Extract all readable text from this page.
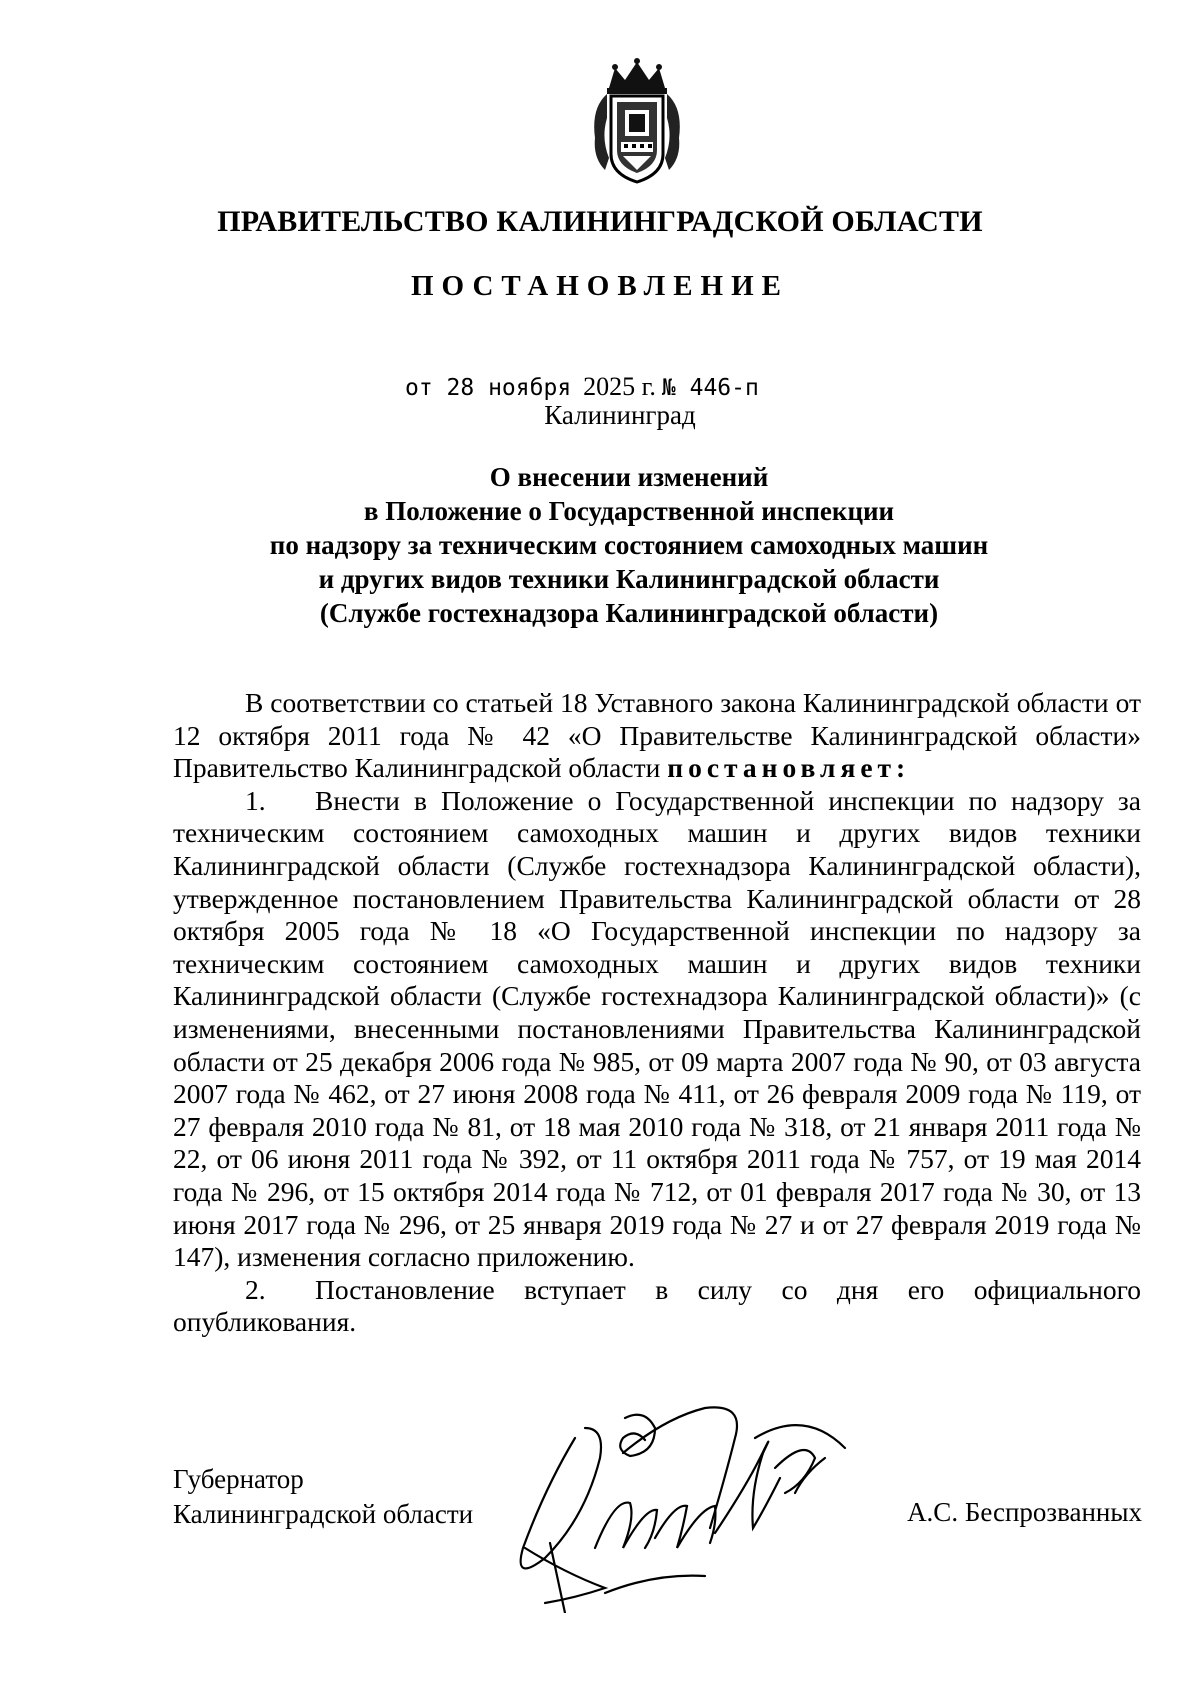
ПРАВИТЕЛЬСТВО КАЛИНИНГРАДСКОЙ ОБЛАСТИ
ПОСТАНОВЛЕНИЕ
от 28 ноября 2025 г. № 446-п
Калининград
О внесении изменений
в Положение о Государственной инспекции
по надзору за техническим состоянием самоходных машин
и других видов техники Калининградской области
(Службе гостехнадзора Калининградской области)

В соответствии со статьей 18 Уставного закона Калининградской области от 12 октября 2011 года № 42 «О Правительстве Калининградской области» Правительство Калининградской области постановляет:

1. Внести в Положение о Государственной инспекции по надзору за техническим состоянием самоходных машин и других видов техники Калининградской области (Службе гостехнадзора Калининградской области), утвержденное постановлением Правительства Калининградской области от 28 октября 2005 года № 18 «О Государственной инспекции по надзору за техническим состоянием самоходных машин и других видов техники Калининградской области (Службе гостехнадзора Калининградской области)» (с изменениями, внесенными постановлениями Правительства Калининградской области от 25 декабря 2006 года № 985, от 09 марта 2007 года № 90, от 03 августа 2007 года № 462, от 27 июня 2008 года № 411, от 26 февраля 2009 года № 119, от 27 февраля 2010 года № 81, от 18 мая 2010 года № 318, от 21 января 2011 года № 22, от 06 июня 2011 года № 392, от 11 октября 2011 года № 757, от 19 мая 2014 года № 296, от 15 октября 2014 года № 712, от 01 февраля 2017 года № 30, от 13 июня 2017 года № 296, от 25 января 2019 года № 27 и от 27 февраля 2019 года № 147), изменения согласно приложению.

2. Постановление вступает в силу со дня его официального опубликования.

Губернатор
Калининградской области	А.С. Беспрозванных
